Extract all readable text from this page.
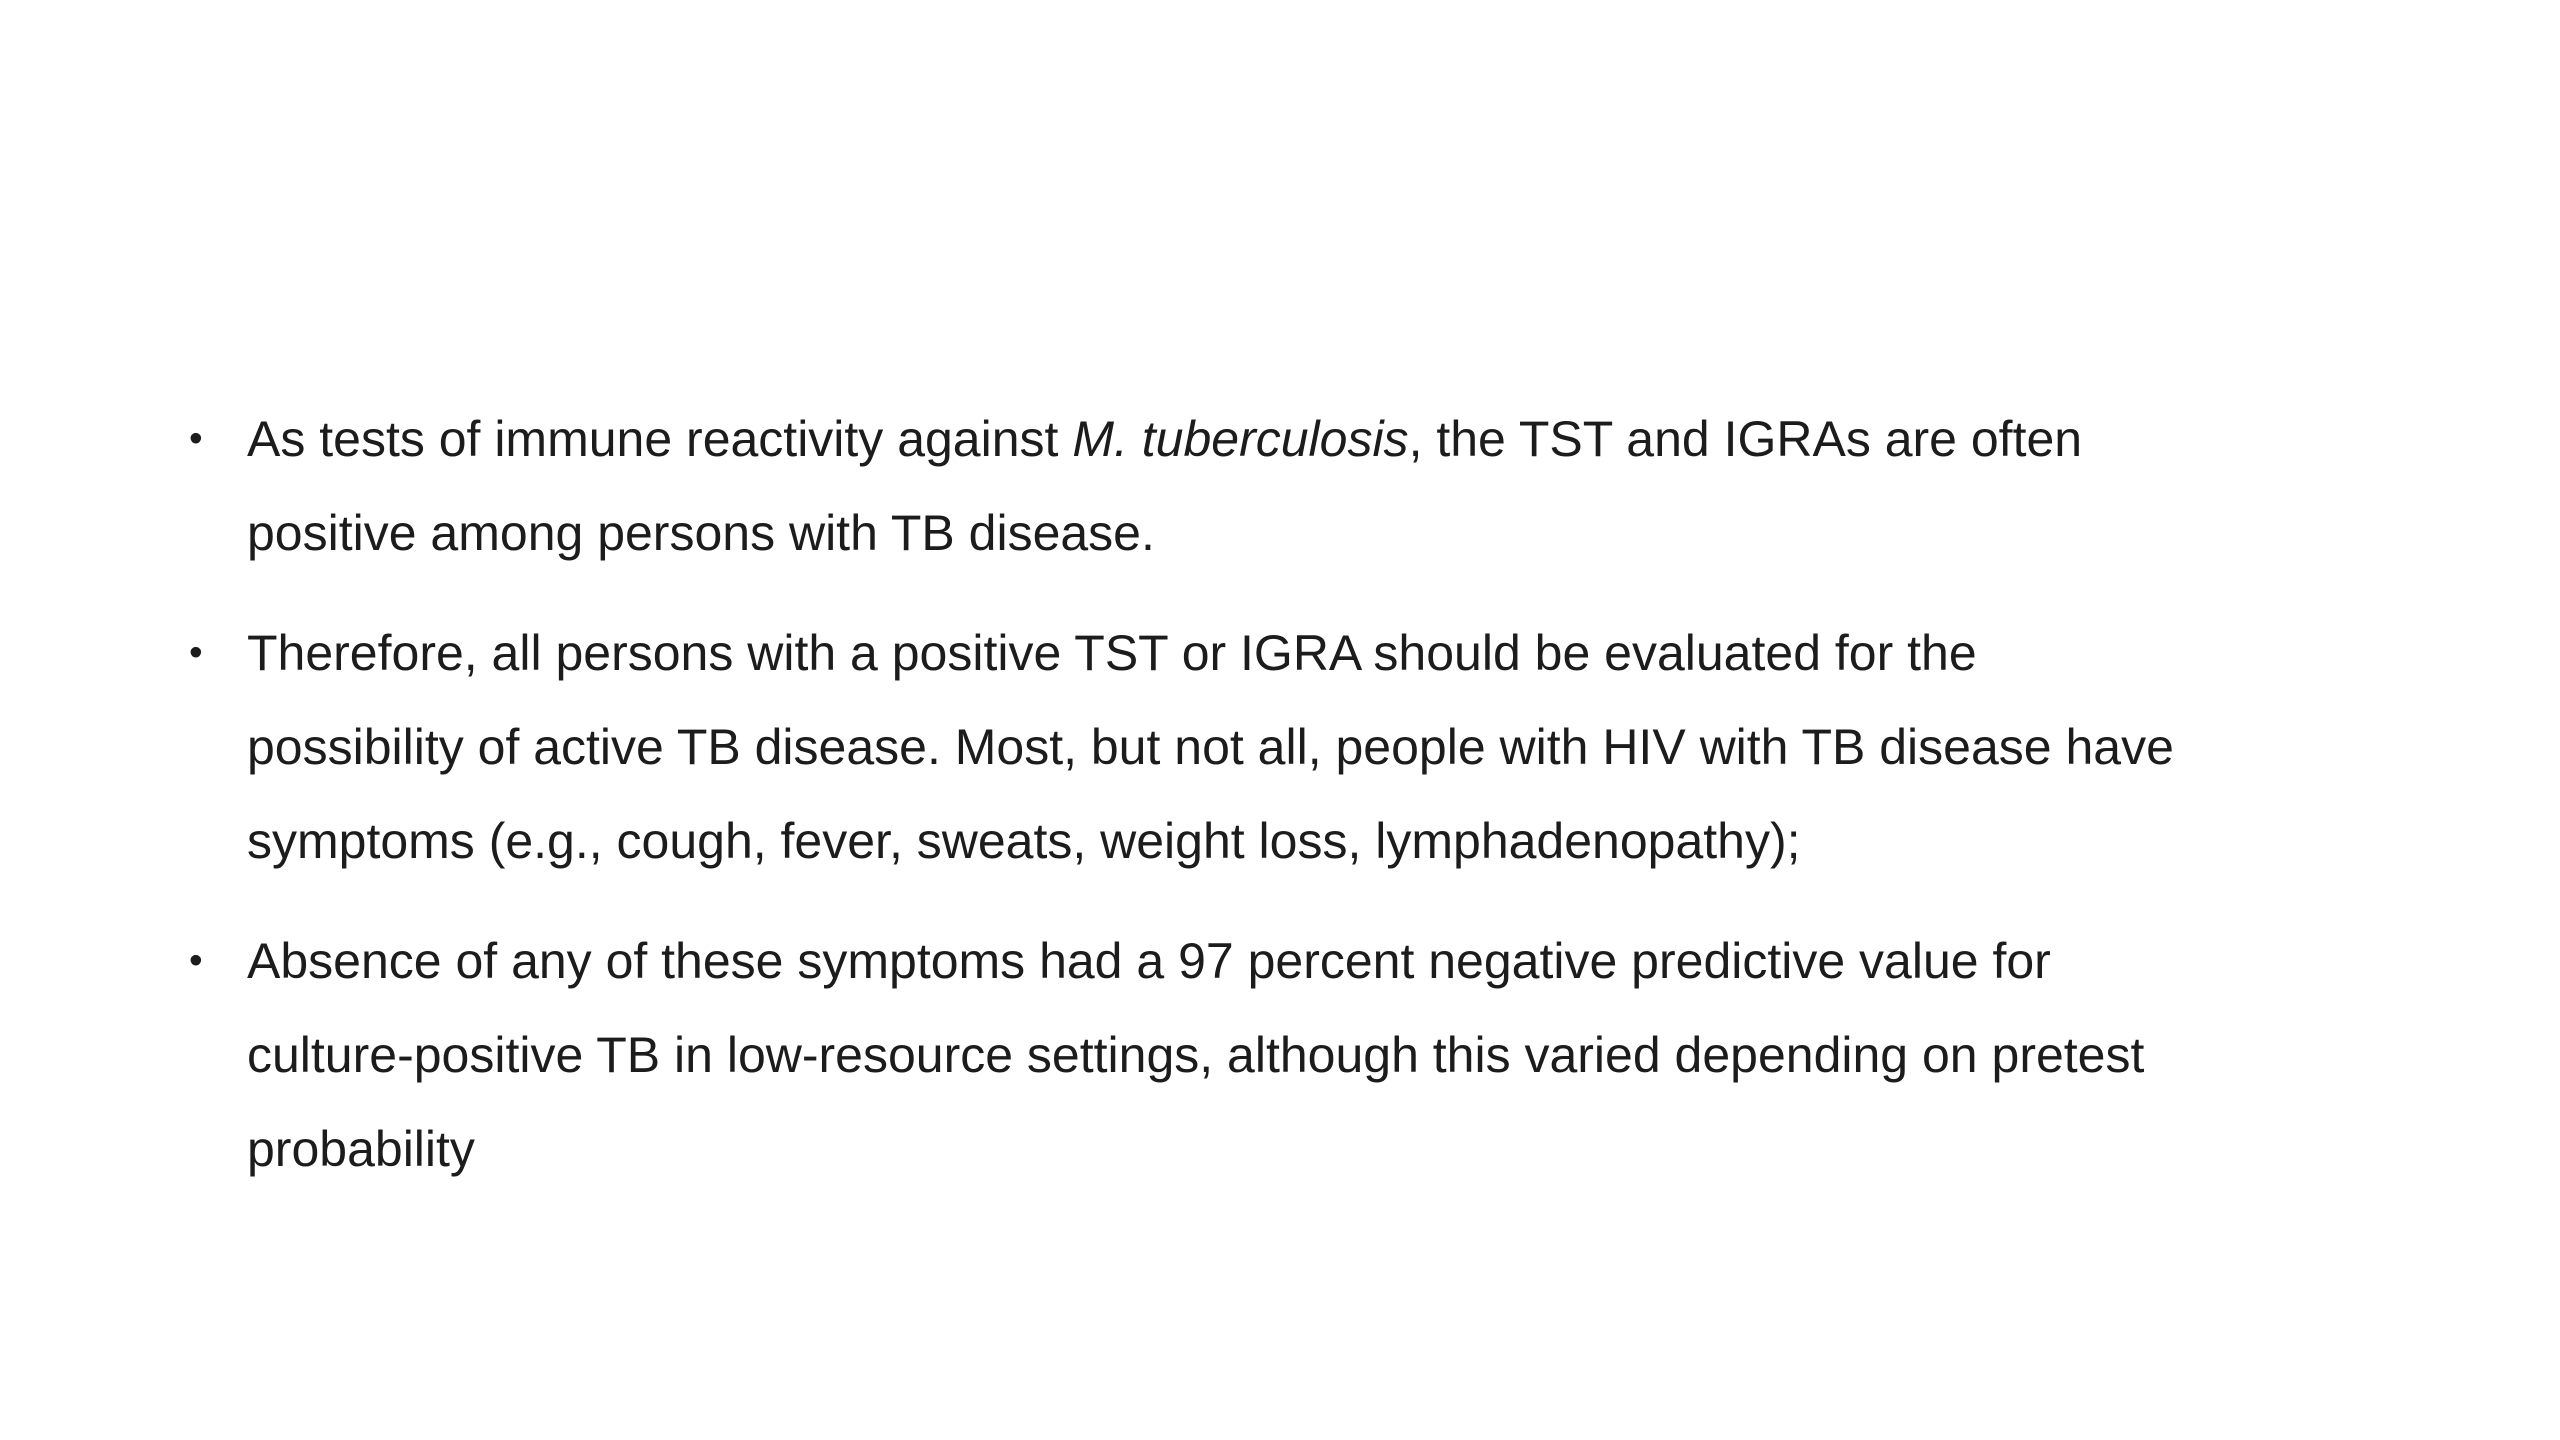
• As tests of immune reactivity against M. tuberculosis, the TST and IGRAs are often
positive among persons with TB disease.
• Therefore, all persons with a positive TST or IGRA should be evaluated for the
possibility of active TB disease. Most, but not all, people with HIV with TB disease have
symptoms (e.g., cough, fever, sweats, weight loss, lymphadenopathy);
• Absence of any of these symptoms had a 97 percent negative predictive value for
culture-positive TB in low-resource settings, although this varied depending on pretest
probability
